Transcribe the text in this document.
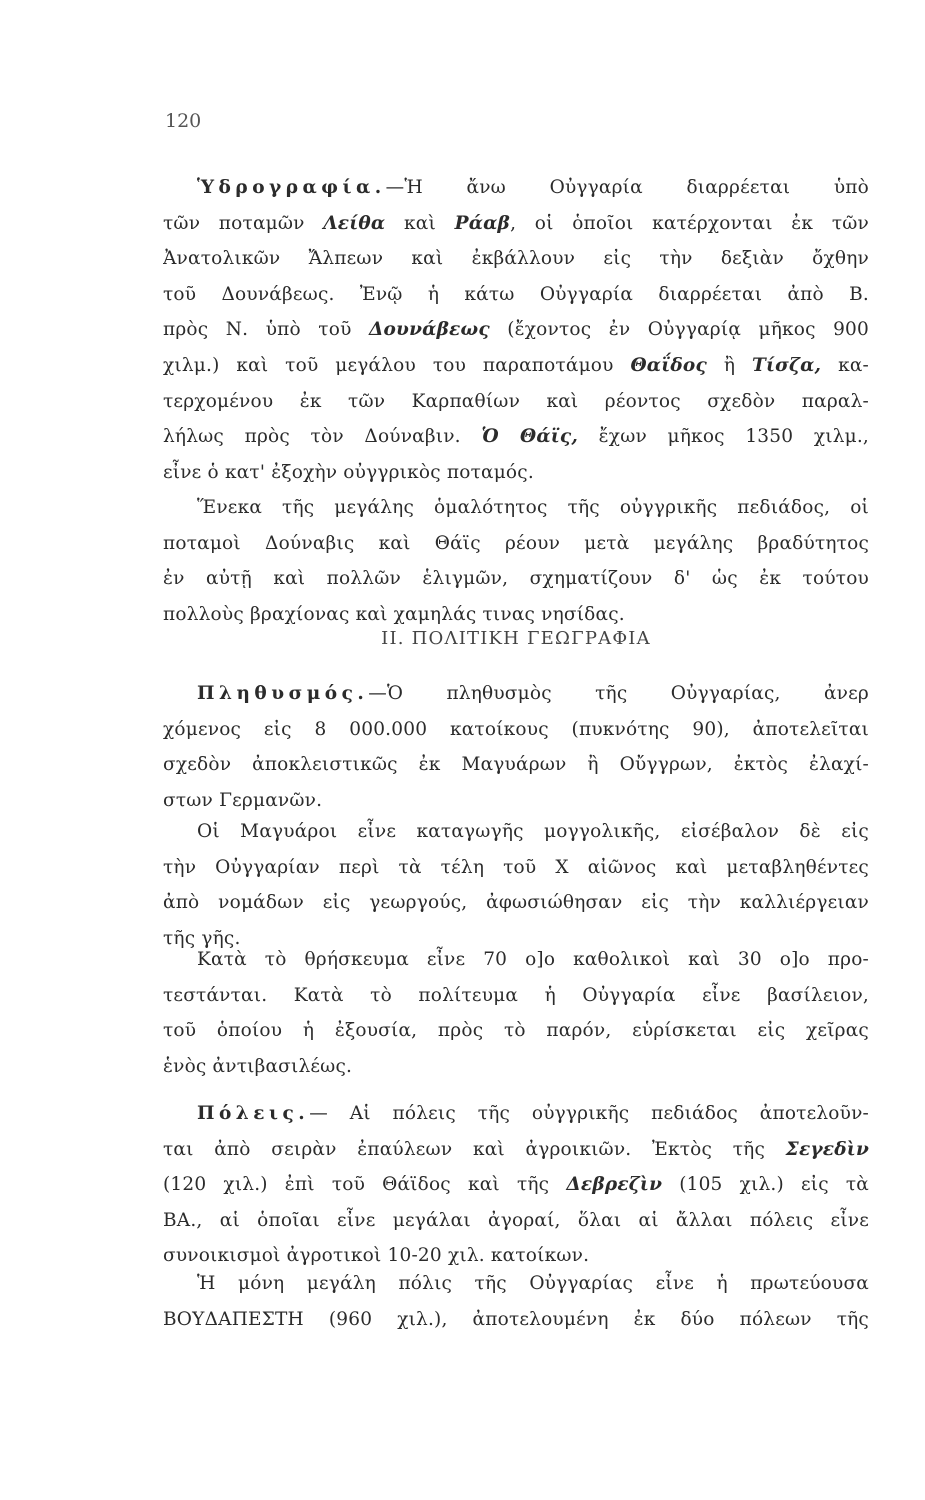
120
Ὑδρογραφία.—Ἡ ἄνω Οὐγγαρία διαρρέεται ὑπὸ
τῶν ποταμῶν Λείθα καὶ Ράαβ, οἱ ὁποῖοι κατέρχονται ἐκ τῶν
Ἀνατολικῶν Ἄλπεων καὶ ἐκβάλλουν εἰς τὴν δεξιὰν ὄχθην
τοῦ Δουνάβεως. Ἐνῷ ἡ κάτω Οὐγγαρία διαρρέεται ἀπὸ Β.
πρὸς Ν. ὑπὸ τοῦ Δουνάβεως (ἔχοντος ἐν Οὐγγαρίᾳ μῆκος 900
χιλμ.) καὶ τοῦ μεγάλου του παραποτάμου Θαΐδος ἢ Τίσζα, κα-
τερχομένου ἐκ τῶν Καρπαθίων καὶ ρέοντος σχεδὸν παραλ-
λήλως πρὸς τὸν Δούναβιν. Ὁ Θάϊς, ἔχων μῆκος 1350 χιλμ.,
εἶνε ὁ κατ' ἐξοχὴν οὐγγρικὸς ποταμός.
Ἕνεκα τῆς μεγάλης ὁμαλότητος τῆς οὐγγρικῆς πεδιάδος, οἱ
ποταμοὶ Δούναβις καὶ Θάϊς ρέουν μετὰ μεγάλης βραδύτητος
ἐν αὐτῇ καὶ πολλῶν ἑλιγμῶν, σχηματίζουν δ' ὡς ἐκ τούτου
πολλοὺς βραχίονας καὶ χαμηλάς τινας νησίδας.
II. ΠΟΛΙΤΙΚΗ ΓΕΩΓΡΑΦΙΑ
Πληθυσμός.—Ὁ πληθυσμὸς τῆς Οὐγγαρίας, ἀνερ
χόμενος εἰς 8 000.000 κατοίκους (πυκνότης 90), ἀποτελεῖται
σχεδὸν ἀποκλειστικῶς ἐκ Μαγυάρων ἢ Οὔγγρων, ἐκτὸς ἐλαχί-
στων Γερμανῶν.
Οἱ Μαγυάροι εἶνε καταγωγῆς μογγολικῆς, εἰσέβαλον δὲ εἰς
τὴν Οὐγγαρίαν περὶ τὰ τέλη τοῦ Χ αἰῶνος καὶ μεταβληθέντες
ἀπὸ νομάδων εἰς γεωργούς, ἀφωσιώθησαν εἰς τὴν καλλιέργειαν
τῆς γῆς.
Κατὰ τὸ θρήσκευμα εἶνε 70 ο]ο καθολικοὶ καὶ 30 ο]ο προ-
τεστάνται. Κατὰ τὸ πολίτευμα ἡ Οὐγγαρία εἶνε βασίλειον,
τοῦ ὁποίου ἡ ἐξουσία, πρὸς τὸ παρόν, εὑρίσκεται εἰς χεῖρας
ἑνὸς ἀντιβασιλέως.
Πόλεις.— Αἱ πόλεις τῆς οὐγγρικῆς πεδιάδος ἀποτελοῦν-
ται ἀπὸ σειρὰν ἐπαύλεων καὶ ἀγροικιῶν. Ἐκτὸς τῆς Σεγεδὶν
(120 χιλ.) ἐπὶ τοῦ Θάϊδος καὶ τῆς Δεβρεζὶν (105 χιλ.) εἰς τὰ
ΒΑ., αἱ ὁποῖαι εἶνε μεγάλαι ἀγοραί, ὅλαι αἱ ἄλλαι πόλεις εἶνε
συνοικισμοὶ ἀγροτικοὶ 10-20 χιλ. κατοίκων.
Ἡ μόνη μεγάλη πόλις τῆς Οὐγγαρίας εἶνε ἡ πρωτεύουσα
ΒΟΥΔΑΠΕΣΤΗ (960 χιλ.), ἀποτελουμένη ἐκ δύο πόλεων τῆς
